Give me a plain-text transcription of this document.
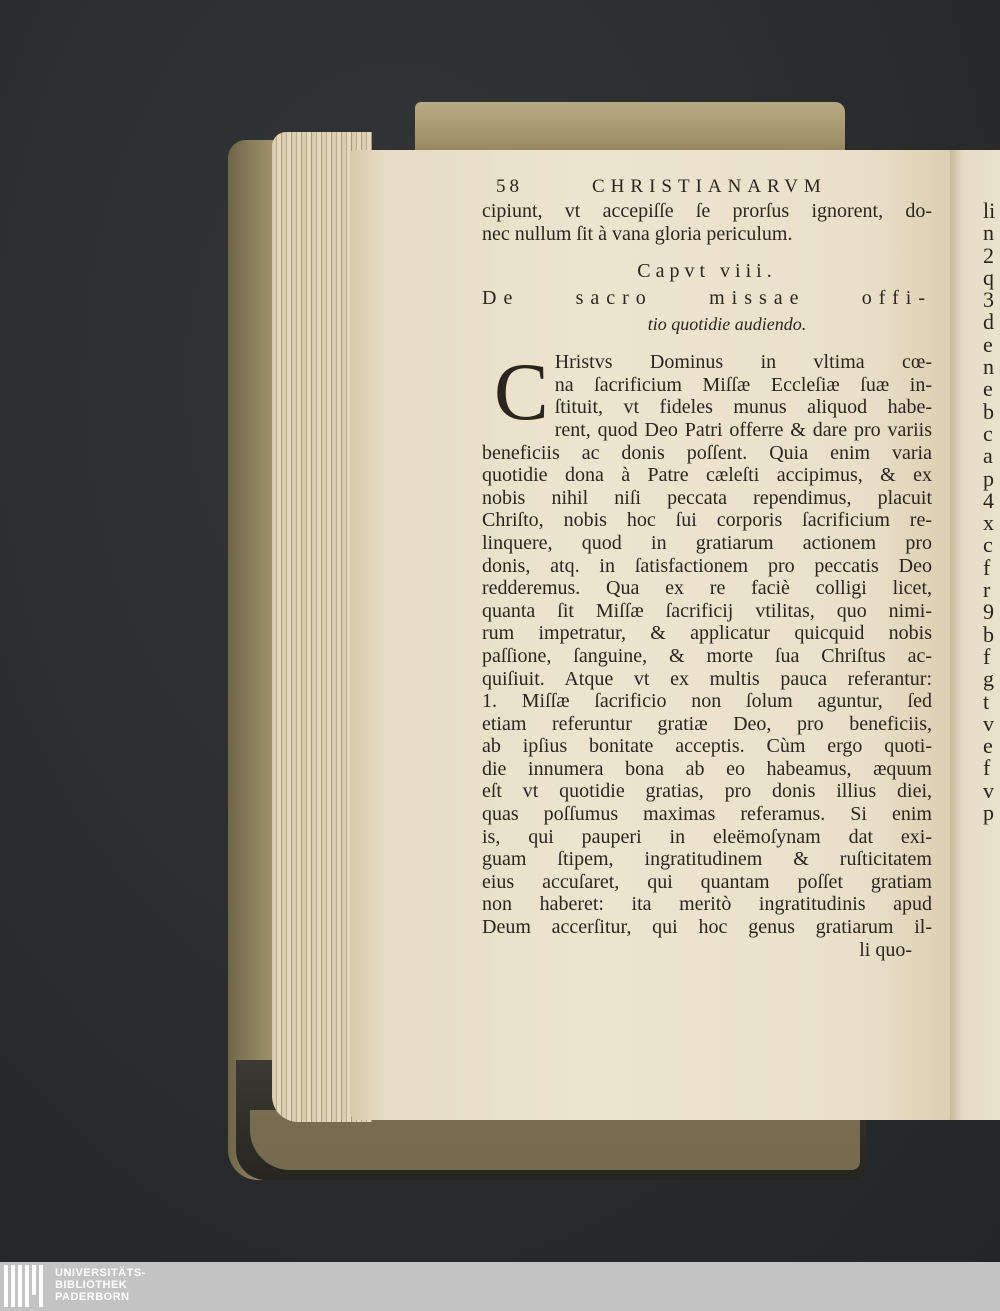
li
n
2
q
3
d
e
n
e
b
c
a
p
4
x
c
f
r
9
b
f
g
t
v
e
f
v
p
58	CHRISTIANARVM
cipiunt, vt accepiſſe ſe prorſus ignorent, do-
nec nullum ſit à vana gloria periculum.
Capvt viii.
De sacro missae offi-
tio quotidie audiendo.
C Hristvs Dominus in vltima cœ-
na ſacrificium Miſſæ Eccleſiæ ſuæ in-
ſtituit, vt fideles munus aliquod habe-
rent, quod Deo Patri offerre & dare pro variis
beneficiis ac donis poſſent. Quia enim varia
quotidie dona à Patre cæleſti accipimus, & ex
nobis nihil niſi peccata rependimus, placuit
Chriſto, nobis hoc ſui corporis ſacrificium re-
linquere, quod in gratiarum actionem pro
donis, atq. in ſatisfactionem pro peccatis Deo
redderemus. Qua ex re faciè colligi licet,
quanta ſit Miſſæ ſacrificij vtilitas, quo nimi-
rum impetratur, & applicatur quicquid nobis
paſſione, ſanguine, & morte ſua Chriſtus ac-
quiſiuit. Atque vt ex multis pauca referantur:
1. Miſſæ ſacrificio non ſolum aguntur, ſed
etiam referuntur gratiæ Deo, pro beneficiis,
ab ipſius bonitate acceptis. Cùm ergo quoti-
die innumera bona ab eo habeamus, æquum
eſt vt quotidie gratias, pro donis illius diei,
quas poſſumus maximas referamus. Si enim
is, qui pauperi in eleëmoſynam dat exi-
guam ſtipem, ingratitudinem & ruſticitatem
eius accuſaret, qui quantam poſſet gratiam
non haberet: ita meritò ingratitudinis apud
Deum accerſitur, qui hoc genus gratiarum il-
li quo-
UNIVERSITÄTS-
BIBLIOTHEK
PADERBORN
